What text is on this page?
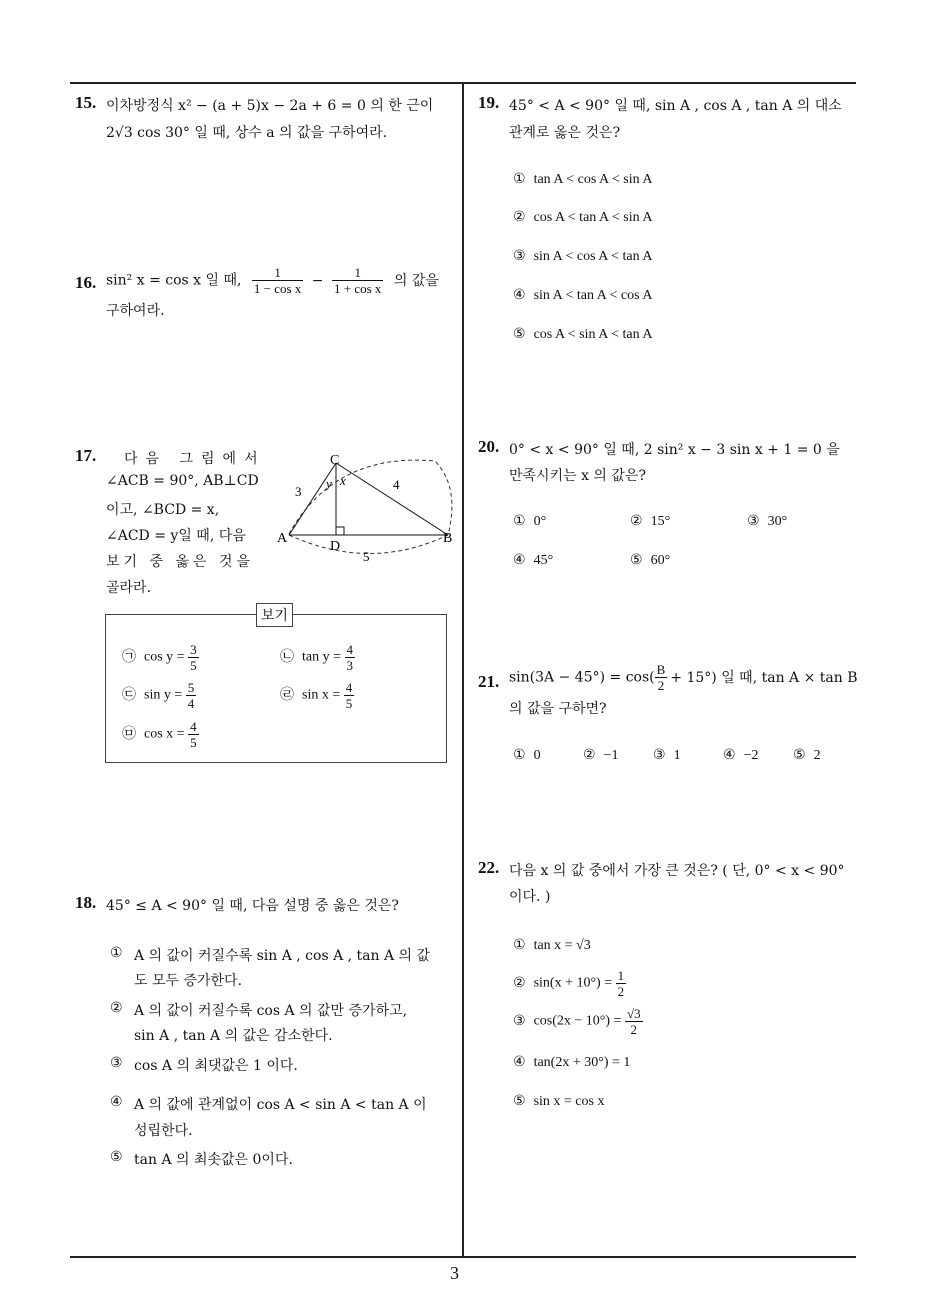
15. 이차방정식 x² − (a + 5)x − 2a + 6 = 0 의 한 근이
2√3 cos 30° 일 때, 상수 a 의 값을 구하여라.
16. sin² x = cos x 일 때, $\frac{1}{\text{1 − cos x}} - \frac{1}{\text{1 + cos x}}$ 의 값을
구하여라.
17. 다음 그림에서
∠ACB = 90°, AB⊥CD
이고, ∠BCD = x,
∠ACD = y일 때, 다음
보기 중 옳은 것을
골라라.
C
A
D
B
3	4
5
y x
보기
㉠ $\cos y = \frac{3}{5}$	㉡ $\tan y = \frac{4}{3}$
㉢ $\sin y = \frac{5}{4}$	㉣ $\sin x = \frac{4}{5}$
㉤ $\cos x = \frac{4}{5}$
18. 45° ≤ A < 90° 일 때, 다음 설명 중 옳은 것은?
① A 의 값이 커질수록 sin A , cos A , tan A 의 값
도 모두 증가한다.
② A 의 값이 커질수록 cos A 의 값만 증가하고,
sin A , tan A 의 값은 감소한다.
③ cos A 의 최댓값은 1 이다.
④ A 의 값에 관계없이 cos A < sin A < tan A 이
성립한다.
⑤ tan A 의 최솟값은 0이다.
19. 45° < A < 90° 일 때, sin A , cos A , tan A 의 대소
관계로 옳은 것은?
① tan A < cos A < sin A
② cos A < tan A < sin A
③ sin A < cos A < tan A
④ sin A < tan A < cos A
⑤ cos A < sin A < tan A
20. 0° < x < 90° 일 때, 2 sin² x − 3 sin x + 1 = 0 을
만족시키는 x 의 값은?
① 0°	② 15°	③ 30°
④ 45°	⑤ 60°
21. $\sin(3A - 45^\circ) = \cos( \frac{B}{2} + 15^\circ)$ 일 때, tan A × tan B
의 값을 구하면?
① 0	② −1 ③ 1	④ −2 ⑤ 2
22. 다음 x 의 값 중에서 가장 큰 것은? ( 단, 0° < x < 90°
이다. )
① tan x = √3
② $\sin(x + 10^\circ) = \frac{1}{2}$
③ $\cos(2x - 10^\circ) = \frac{√3}{2}$
④ tan(2x + 30°) = 1
⑤ sin x = cos x
3
